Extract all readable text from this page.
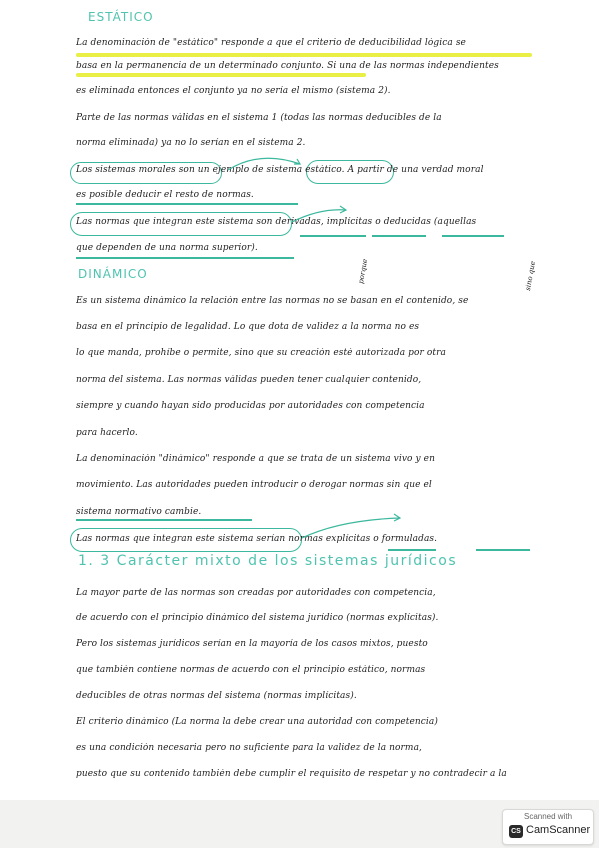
ESTÁTICO
DINÁMICO
1. 3 Carácter mixto de los sistemas jurídicos
La denominación de "estático" responde a que el criterio de deducibilidad lógica se
basa en la permanencia de un determinado conjunto. Si una de las normas independientes
es eliminada entonces el conjunto ya no sería el mismo (sistema 2).
Parte de las normas válidas en el sistema 1 (todas las normas deducibles de la
norma eliminada) ya no lo serían en el sistema 2.
Los sistemas morales son un ejemplo de sistema estático. A partir de una verdad moral
es posible deducir el resto de normas.
Las normas que integran este sistema son derivadas, implícitas o deducidas (aquellas
que dependen de una norma superior).
Es un sistema dinámico la relación entre las normas no se basan en el contenido, se
basa en el principio de legalidad. Lo que dota de validez a la norma no es
lo que manda, prohíbe o permite, sino que su creación esté autorizada por otra
norma del sistema. Las normas válidas pueden tener cualquier contenido,
siempre y cuando hayan sido producidas por autoridades con competencia
para hacerlo.
La denominación "dinámico" responde a que se trata de un sistema vivo y en
movimiento. Las autoridades pueden introducir o derogar normas sin que el
sistema normativo cambie.
Las normas que integran este sistema serían normas explícitas o formuladas.
La mayor parte de las normas son creadas por autoridades con competencia,
de acuerdo con el principio dinámico del sistema jurídico (normas explícitas).
Pero los sistemas jurídicos serían en la mayoría de los casos mixtos, puesto
que también contiene normas de acuerdo con el principio estático, normas
deducibles de otras normas del sistema (normas implícitas).
El criterio dinámico (La norma la debe crear una autoridad con competencia)
es una condición necesaria pero no suficiente para la validez de la norma,
puesto que su contenido también debe cumplir el requisito de respetar y no contradecir a la
porque	sino que
Scanned with
CS CamScanner
